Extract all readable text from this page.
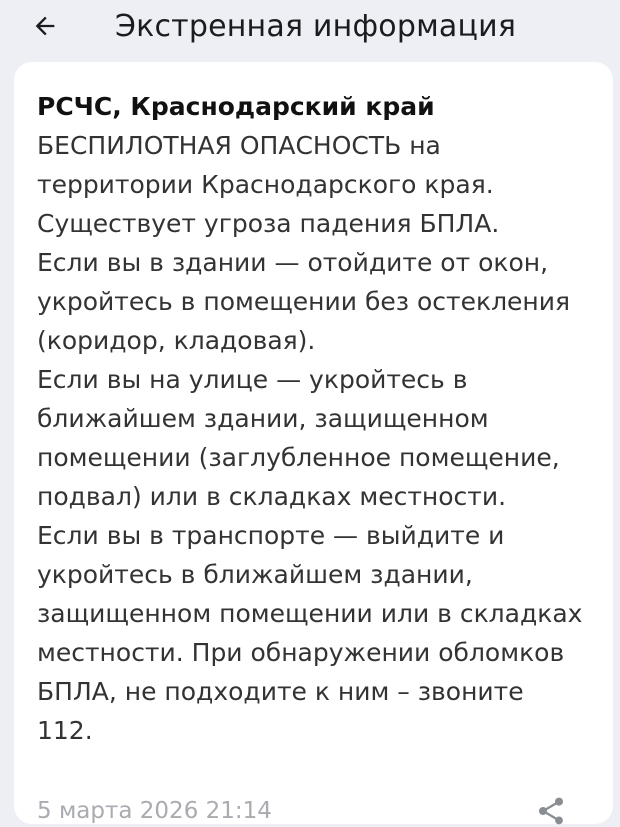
Экстренная информация
РСЧС, Краснодарский край
БЕСПИЛОТНАЯ ОПАСНОСТЬ на территории Краснодарского края. Существует угроза падения БПЛА.
Если вы в здании — отойдите от окон, укройтесь в помещении без остекления (коридор, кладовая).
Если вы на улице — укройтесь в ближайшем здании, защищенном помещении (заглубленное помещение, подвал) или в складках местности.
Если вы в транспорте — выйдите и укройтесь в ближайшем здании, защищенном помещении или в складках местности. При обнаружении обломков БПЛА, не подходите к ним – звоните 112.
5 марта 2026 21:14
